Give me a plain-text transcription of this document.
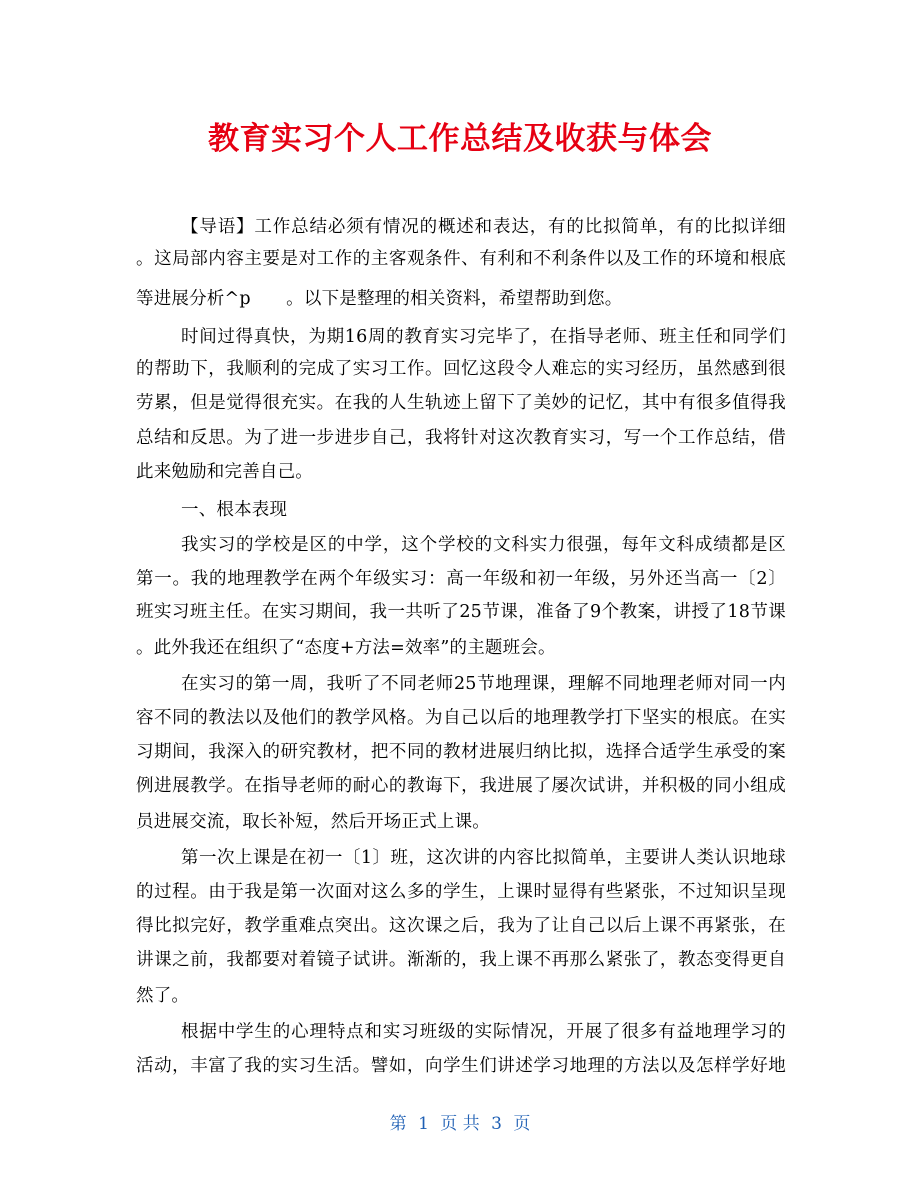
教育实习个人工作总结及收获与体会
【导语】工作总结必须有情况的概述和表达，有的比拟简单，有的比拟详细
。这局部内容主要是对工作的主客观条件、有利和不利条件以及工作的环境和根底
等进展分析^p　　。以下是整理的相关资料，希望帮助到您。
时间过得真快，为期16周的教育实习完毕了，在指导老师、班主任和同学们
的帮助下，我顺利的完成了实习工作。回忆这段令人难忘的实习经历，虽然感到很
劳累，但是觉得很充实。在我的人生轨迹上留下了美妙的记忆，其中有很多值得我
总结和反思。为了进一步进步自己，我将针对这次教育实习，写一个工作总结，借
此来勉励和完善自己。
一、根本表现
我实习的学校是区的中学，这个学校的文科实力很强，每年文科成绩都是区
第一。我的地理教学在两个年级实习：高一年级和初一年级，另外还当高一〔2〕
班实习班主任。在实习期间，我一共听了25节课，准备了9个教案，讲授了18节课
。此外我还在组织了“态度+方法=效率”的主题班会。
在实习的第一周，我听了不同老师25节地理课，理解不同地理老师对同一内
容不同的教法以及他们的教学风格。为自己以后的地理教学打下坚实的根底。在实
习期间，我深入的研究教材，把不同的教材进展归纳比拟，选择合适学生承受的案
例进展教学。在指导老师的耐心的教诲下，我进展了屡次试讲，并积极的同小组成
员进展交流，取长补短，然后开场正式上课。
第一次上课是在初一〔1〕班，这次讲的内容比拟简单，主要讲人类认识地球
的过程。由于我是第一次面对这么多的学生，上课时显得有些紧张，不过知识呈现
得比拟完好，教学重难点突出。这次课之后，我为了让自己以后上课不再紧张，在
讲课之前，我都要对着镜子试讲。渐渐的，我上课不再那么紧张了，教态变得更自
然了。
根据中学生的心理特点和实习班级的实际情况，开展了很多有益地理学习的
活动，丰富了我的实习生活。譬如，向学生们讲述学习地理的方法以及怎样学好地
第 1 页 共 3 页
